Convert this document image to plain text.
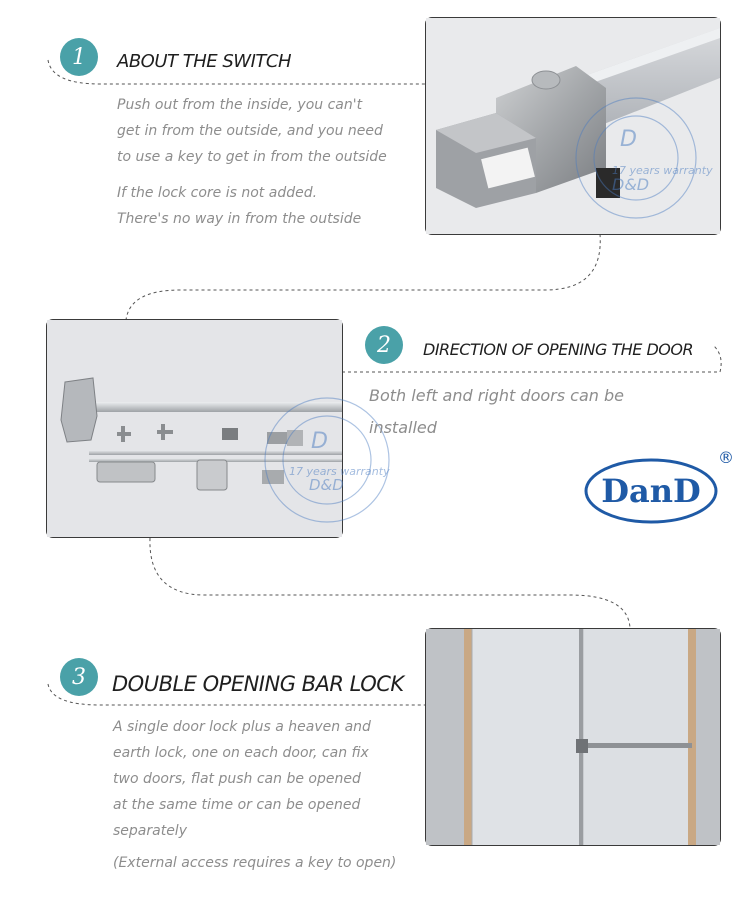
1 ABOUT THE SWITCH
Push out from the inside, you can't
get in from the outside, and you need
to use a key to get in from the outside
If the lock core is not added.
There's no way in from the outside
D
17 years warranty
D&D
D
17 years warranty
D&D
2 DIRECTION OF OPENING THE DOOR
Both left and right doors can be
installed
DanD
®
3 DOUBLE OPENING BAR LOCK
A single door lock plus a heaven and
earth lock, one on each door, can fix
two doors, flat push can be opened
at the same time or can be opened
separately
(External access requires a key to open)
